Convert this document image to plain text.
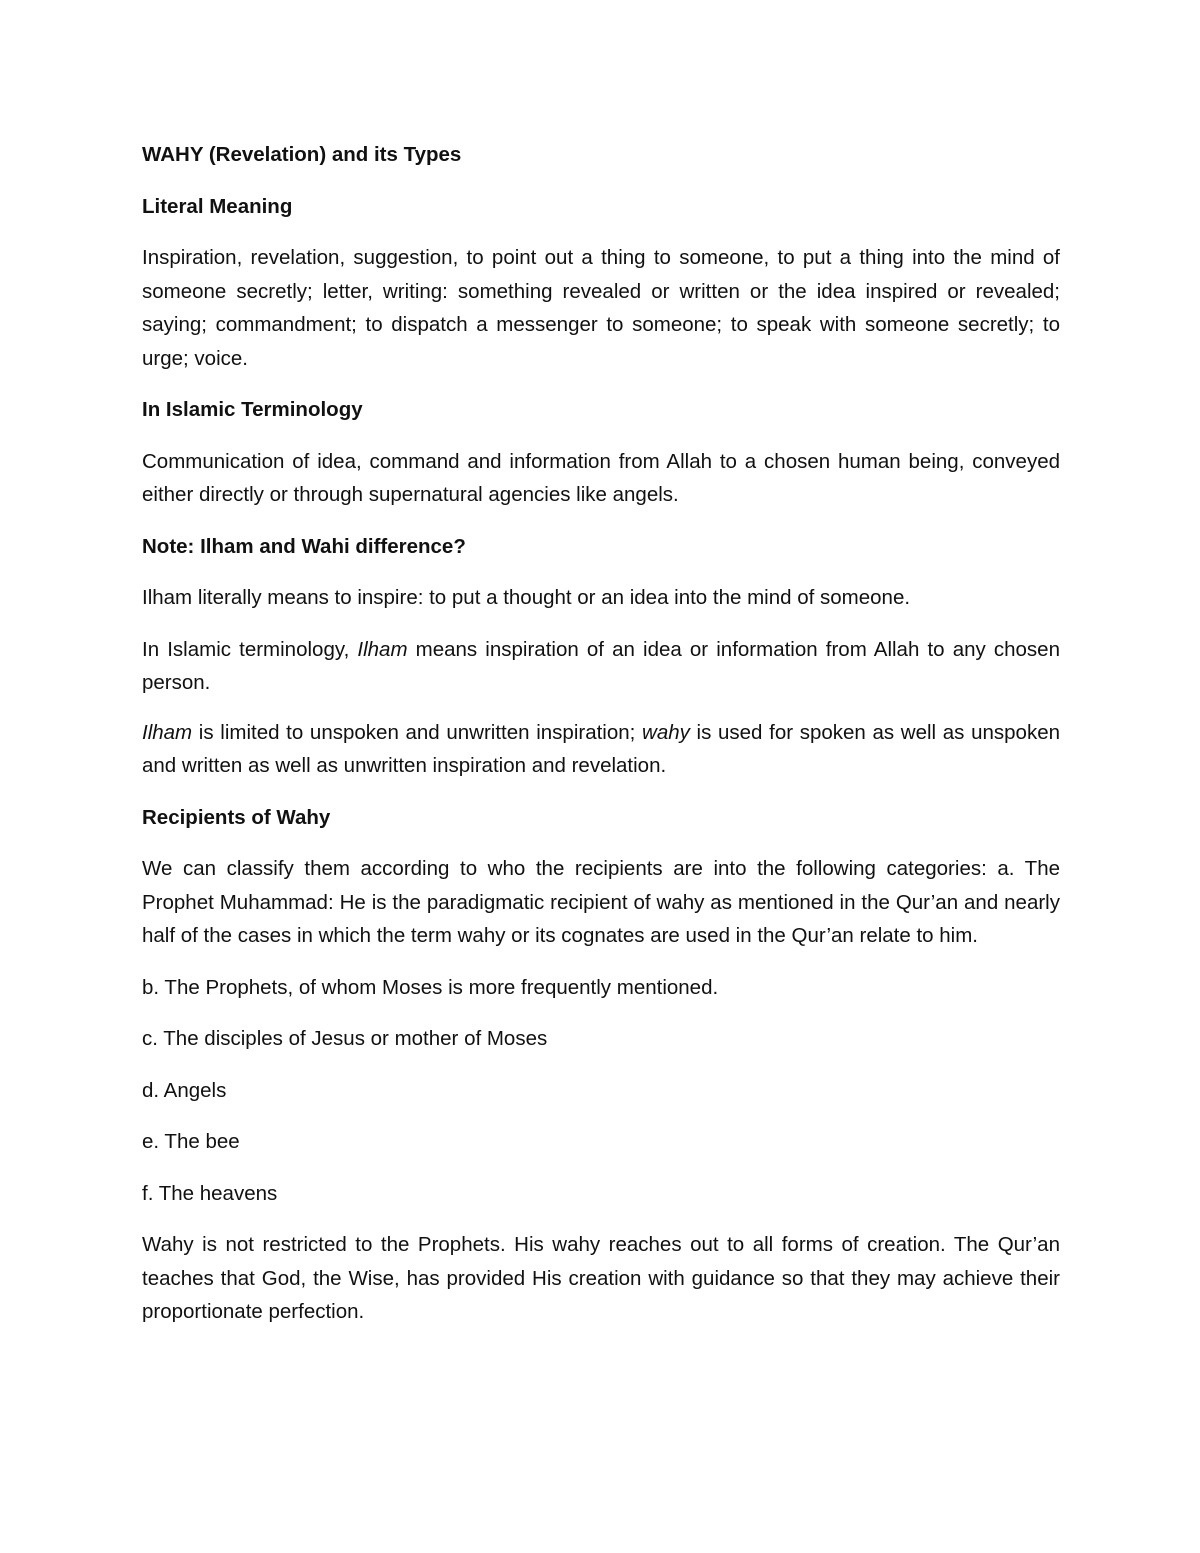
WAHY (Revelation) and its Types

Literal Meaning

Inspiration, revelation, suggestion, to point out a thing to someone, to put a thing into the mind of someone secretly; letter, writing: something revealed or written or the idea inspired or revealed; saying; commandment; to dispatch a messenger to someone; to speak with someone secretly; to urge; voice.

In Islamic Terminology

Communication of idea, command and information from Allah to a chosen human being, conveyed either directly or through supernatural agencies like angels.

Note: Ilham and Wahi difference?

Ilham literally means to inspire: to put a thought or an idea into the mind of someone.

In Islamic terminology, Ilham means inspiration of an idea or information from Allah to any chosen person.

Ilham is limited to unspoken and unwritten inspiration; wahy is used for spoken as well as unspoken and written as well as unwritten inspiration and revelation.

Recipients of Wahy

We can classify them according to who the recipients are into the following categories: a. The Prophet Muhammad: He is the paradigmatic recipient of wahy as mentioned in the Qur’an and nearly half of the cases in which the term wahy or its cognates are used in the Qur’an relate to him.

b. The Prophets, of whom Moses is more frequently mentioned.

c. The disciples of Jesus or mother of Moses

d. Angels

e. The bee

f. The heavens

Wahy is not restricted to the Prophets. His wahy reaches out to all forms of creation. The Qur’an teaches that God, the Wise, has provided His creation with guidance so that they may achieve their proportionate perfection.
